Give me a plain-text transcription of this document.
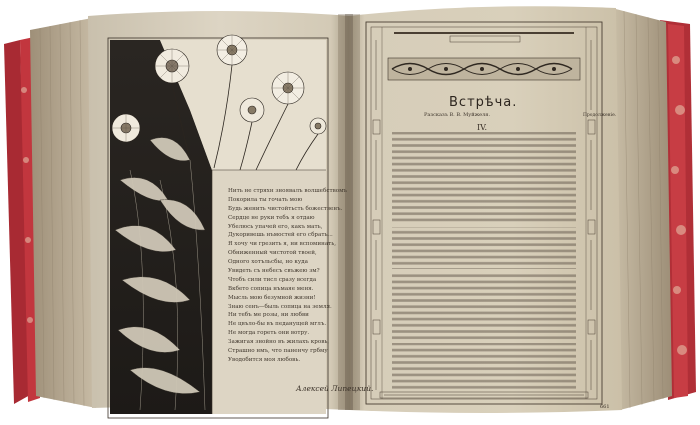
Нить не стряхн зноявалъ волшебствомъ
Покорила ты гочать мою
Будь женить чистойтьсть божественъ.
Сердце не руки тебъ я отдаю
Убелюсь упачей его, какъ мать,
Дукоривешь нъмостей его сбрать...
Я хочу чи грезить я, ни вспоминать,
Обниженный чистотой твоей,
Одного хотъльсбы, но куда
Увидеть съ небесъ свъжею зм?
Чтобъ сили тисл сразу всегда
Вкбето сопица нъмаяе меня.
Мысль мою безумной жизни!
Знаю сенъ—быль сопица на земля.
Ни тебъ ме розы, ни любви
Не цвъло-бы въ педанущей мглъ.
Не могда гореть они вотру.
Зажигая знойно въ жилахъ кровь,
Страшно нмъ, что паненчу грбму
Уводобится моя любовь.
Алексей Липецкий.
Встрѣча.
Разсказъ В. В. Муйжеля.	Продолженіе.
IV.
661
